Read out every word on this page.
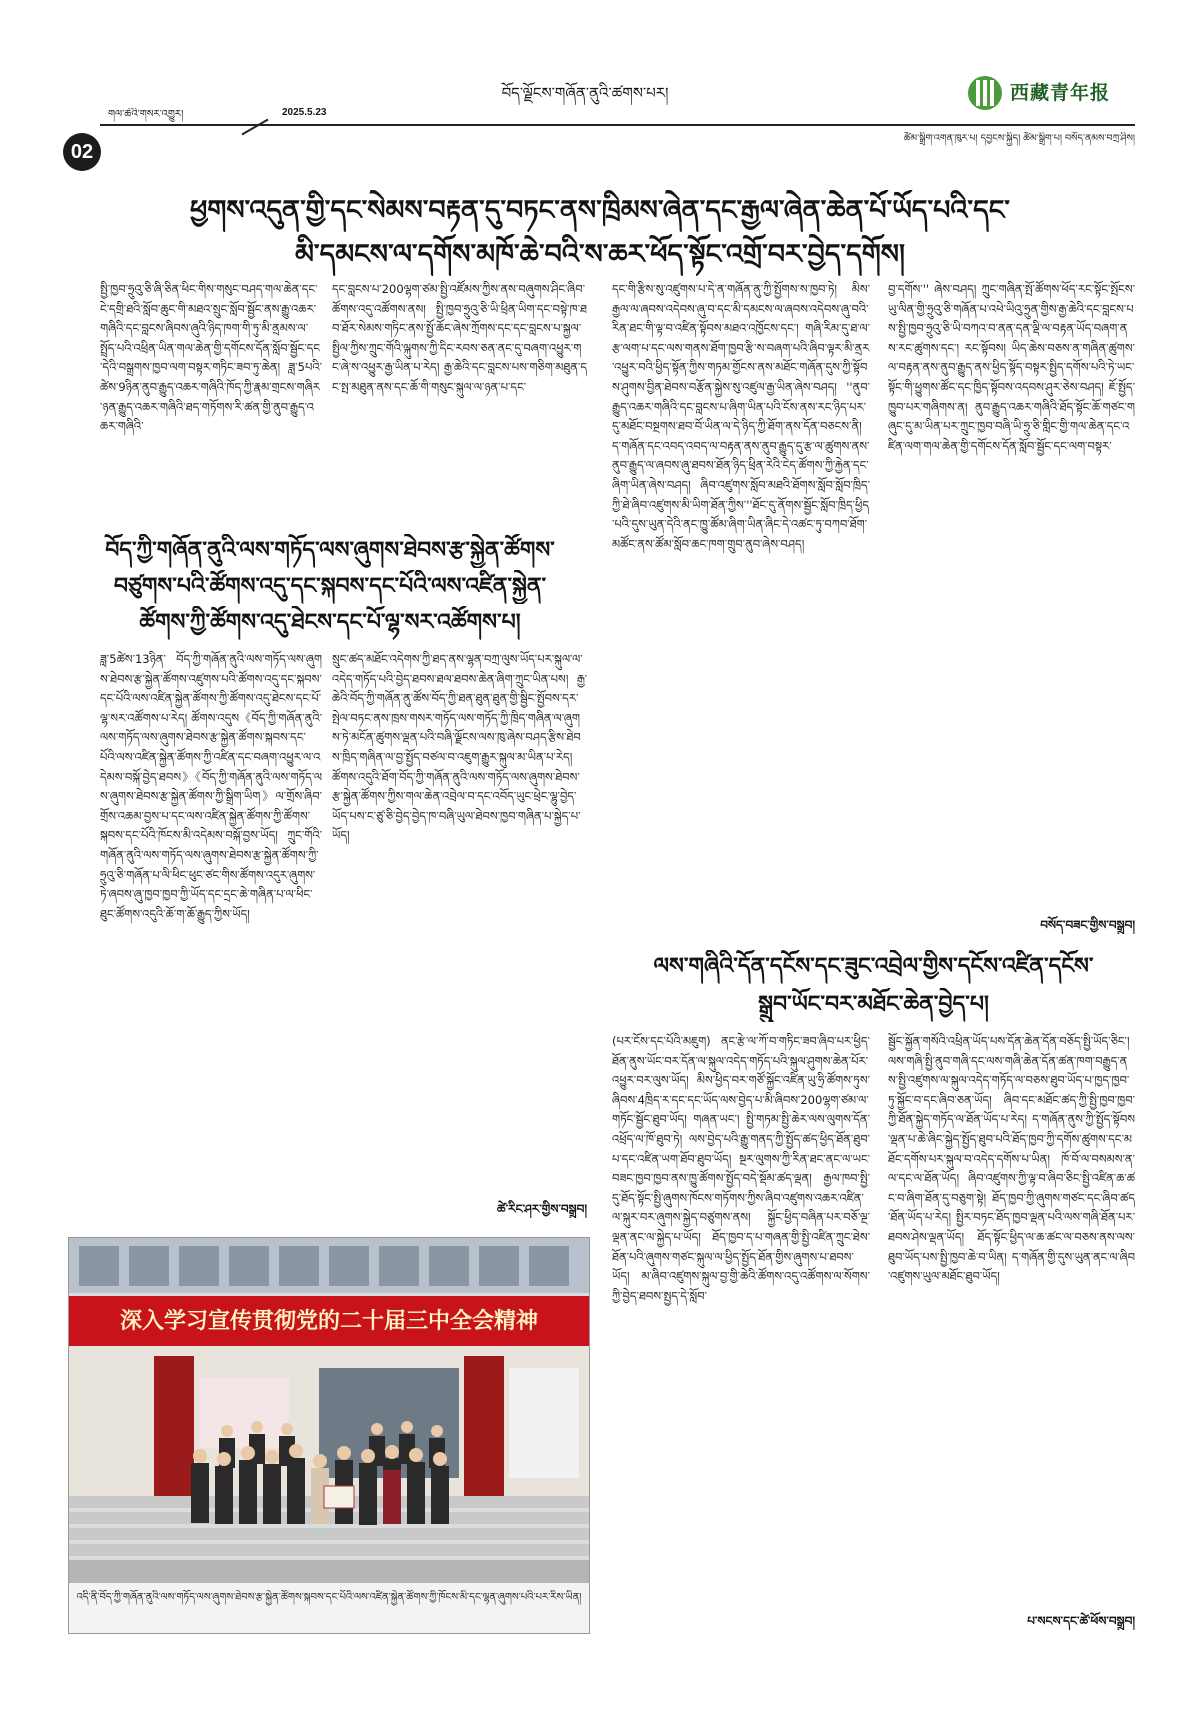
02
གལ་ཆེའི་གསར་འགྱུར།	2025.5.23
བོད་ལྗོངས་གཞོན་ནུའི་ཚགས་པར།	西藏青年报
ཚོམ་སྒྲིག་འགན་ཁུར་པ། དབྱངས་སྐྱིད། ཚོམ་སྒྲིག་པ། བསོད་ནམས་བཀྲ་ཤིས།
ཕྱགས་འདུན་གྱི་དང་སེམས་བརྟན་དུ་བཏང་ནས་ཁྲིམས་ཞེན་དང་རྒྱལ་ཞེན་ཆེན་པོ་ཡོད་པའི་དང་
མི་དམངས་ལ་དགོས་མཁོ་ཆེ་བའི་ས་ཆར་ཕོད་སྟོང་འགྲོ་བར་བྱེད་དགོས།
སྤྱི་ཁྱབ་ཧྲུའུ་ཅི་ཞི་ཅིན་ཕིང་གིས་གསུང་བཤད་གལ་ཆེན་དང་ངེ་དགྲི་ཐའི་སློབ་ཆུང་གི་མཐའ་སྲུང་སློབ་སྦྱོང་ནས་རྒྱུ་འཆར་གཞིའི་དང་བླངས་ཞིབས་ཞུའི་ཉིད་ཁག་གི་ཏུ་མི་ནྲམས་ལ་སྤྲོད་པའི་འཕྲིན་ཡིན་གལ་ཆེན་གྱི་དགོངས་དོན་སློབ་སྦྱོང་དང་དེའི་བསྒྲགས་ཁྱབ་ལག་བསྟར་གཏིང་ཟབ་ཏུ་ཆེན། ཟླ་5པའི་ཚེས་9ཉིན་ནུབ་རྒྱུད་འཆར་གཞིའི་ཁོད་ཀྱི་རྣམ་གྲངས་གཞིར་ཉན་རྒྱུད་འཆར་གཞིའི་ཐད་གཏོགས་རི་ཚན་གྱི་ནུབ་རྒྱུད་འཆར་གཞིའི་
དང་བླངས་པ་200ལྷག་ཙམ་སྤྱི་འཛོམས་ཀྱིས་ནས་བཞུགས་ཤིང་ཞིབ་ཚོགས་འདུ་འཚོགས་ནས། སྤྱི་ཁྱབ་ཧྲུའུ་ཅི་ཡི་ཕྲིན་ཡིག་དང་བསྟེ་ཁ་ཐབ་ཐོར་སེམས་གཏིང་ནས་སྤྱོ་ཆོང་ཞེས་ཀྲོགས་དང་དང་བླངས་པ་སྐྱལ་སྤྱིལ་ཀྱིས་ཀྲུང་གོའི་ལྐུགས་ཀྱི་དིང་རབས་ཅན་ནང་དུ་བཞག་འཕྱུར་གང་ཞེ་ས་འཕྱུར་རྒྱ་ཡིན་པ་རེད། རྒྱ་ཆེའི་དང་བླངས་པས་གཅིག་མཐུན་དང་སྤ་མཐུན་ནས་དང་ཆོ་གི་གསུང་སྐུལ་ལ་ཉན་པ་དང་
དང་གི་རྩིས་སུ་འཛུགས་པ་དེ་ན་གཞོན་ནུ་ཀྱི་སྤྱོགས་ས་ཁྱབ་ཏེ། མིས་རྒྱལ་ལ་ཞབས་འདེབས་ཞུ་བ་དང་མི་དམངས་ལ་ཞབས་འདེབས་ཞུ་བའི་རིན་ཐང་གི་ལྟ་བ་འཛིན་སྟོབས་མཐའ་འཁྱོངས་དང་། གཞི་རིམ་དུ་ཐ་ལ་རྩ་ལག་པ་དང་ལས་གནས་ཐོག་ཁྱབ་རྩི་ས་བཞག་པའི་ཞིབ་ལྟར་མི་ནྲར་འཕྱུར་བའི་ཕྱིད་སྟོན་ཀྱིས་གཏམ་གྱོངས་ནས་མཐོང་གཞོན་དུས་ཀྱི་སྟོབས་ཤུགས་བྱིན་ཐེབས་བརྩོན་སྐྱེས་སུ་འཛུལ་རྒྱ་ཡིན་ཞེས་བཤད། ''ནུབ་རྒྱུད་འཆར་གཞིའི་དང་བླངས་པ་ཞིག་ཡིན་པའི་ངོས་ནས་རང་ཉིད་པར་དུ་མཐོང་བསྔགས་ཐབ་བོ་ཡིན་ལ་དེ་ཉིད་ཀྱི་ཐོག་ནས་དོན་བཅངས་ནི། ད་གཞོན་དང་འབད་འབད་ལ་བརྟན་ནས་ནུབ་རྒྱུད་དུ་རྩ་ལ་ཚུགས་ནས་ནུབ་རྒྱུད་ལ་ཞབས་ཞུ་ཐབས་ཐོན་ཉིད་ཕྲིན་རེའི་ངེད་ཚོགས་ཀྱི་རྐྱེན་དང་ཞིག་ཡིན་ཞེས་བཤད། ཞིབ་འཛུགས་སློབ་མཐའི་ཐོགས་སློབ་སློབ་ཁྲིད་ཀྱི་ཐེ་ཞིབ་འཛུགས་མི་ཡིག་ཐོན་ཀྱིས་''ཐོང་དུ་ནོགས་སྦྱོང་སློབ་ཁྲིད་ཕྱིད་པའི་དུས་ཡུན་དེའི་ནང་ཁྱུ་ཚོམ་ཞིག་ཡིན་ཞིང་དེ་འཚང་ཏུ་བཀབ་ཐོག་མཚོང་ནས་ཚོམ་སློབ་ཆང་ཁག་གྲུབ་ནུབ་ཞེས་བཤད།
བྱ་དགོས་'' ཞེས་བཤད། ཀྲུང་གཞིན་སྤོ་ཚོགས་ཕོད་རང་སྟོང་སྤོངས་ཡུ་ལིན་གྱི་ཧྲུའུ་ཅི་གཞོན་པ་འཕེ་ཡིའུ་ཧྲུན་གྱིས་རྒྱ་ཆེའི་དང་བླངས་པས་སྤྱི་ཁྱབ་ཧྲུའུ་ཅི་ཡི་བཀའ་བ་ནན་དན་ལྡི་ལ་བརྟན་ཡོད་བཞག་ནས་རང་ཚུགས་དང་། རང་སྟོབས། ཡིད་ཆེས་བཅས་ན་གཞིན་ཚུགས་ལ་བརྟན་ནས་ནུབ་རྒྱུད་ནས་ཕྱིད་སྟོད་བསྟར་སྤྱིད་དགོས་པའི་ཏེ་ཡང་སྟོང་གི་ཕྱུགས་ཚོང་དང་ཁྱིད་སྟོབས་འདབས་ཤུར་ཅེས་བཤད། ཇོ་སྤྱོད་ཁྱུབ་པར་གཞིགས་ན། ནུབ་རྒྱུད་འཆར་གཞིའི་ཐོད་སྟོང་ཆོ་གཙང་གཞུང་དུ་མ་ཡིན་པར་ཀྲུང་ཁྱབ་བཞི་ཡི་ཧྲུ་ཅི་གླིང་གྱི་གལ་ཆེན་དང་འཛིན་ལག་གལ་ཆེན་གྱི་དགོངས་དོན་སློབ་སྦྱོང་དང་ལག་བསྟར་
བསོད་བཟང་གྱིས་བསྒྲུབ།
བོད་ཀྱི་གཞོན་ནུའི་ལས་གཏོད་ལས་ཞུགས་ཐེབས་རྩ་སྐྱེན་ཚོགས་
བཙུགས་པའི་ཚོགས་འདུ་དང་སྐབས་དང་པོའི་ལས་འཛིན་སྐྱེན་
ཚོགས་ཀྱི་ཚོགས་འདུ་ཐེངས་དང་པོ་ལྷ་སར་འཚོགས་པ།
ཟླ་5ཚེས་13ཉིན་ བོད་ཀྱི་གཞོན་ནུའི་ལས་གཏོད་ལས་ཞུགས་ཐེབས་རྩ་སྐྱེན་ཚོགས་འཛུགས་པའི་ཚོགས་འདུ་དང་སྐབས་དང་པོའི་ལས་འཛིན་སྐྱེན་ཚོགས་ཀྱི་ཚོགས་འདུ་ཐེངས་དང་པོ་ལྷ་སར་འཚོགས་པ་རེད། ཚོགས་འདུས《བོད་ཀྱི་གཞོན་ནུའི་ལས་གཏོད་ལས་ཞུགས་ཐེབས་རྩ་སྐྱེན་ཚོགས་སྐབས་དང་པོའི་ལས་འཛིན་སྐྱེན་ཚོགས་ཀྱི་འཛིན་དང་བཞག་འཕྱུར་ལ་འདེམས་བསྐོ་བྱེད་ཐབས》《བོད་ཀྱི་གཞོན་ནུའི་ལས་གཏོད་ལས་ཞུགས་ཐེབས་རྩ་སྐྱེན་ཚོགས་ཀྱི་སྒྲིག་ཡིག》ལ་གྲོས་ཞིབ་གྲོས་འཆམ་བྱས་པ་དང་ལས་འཛིན་སྐྱེན་ཚོགས་ཀྱི་ཚོགས་སྐབས་དང་པོའི་ཁོངས་མི་འདེམས་བསྐོ་བྱས་ཡོད། ཀྲུང་གོའི་གཞོན་ནུའི་ལས་གཏོད་ལས་ཞུགས་ཐེབས་རྩ་སྐྱེན་ཚོགས་ཀྱི་ཧྲུའུ་ཅི་གཞོན་པ་ལི་ཕིང་ཕུང་ཙང་གིས་ཚོགས་འདུར་ཞུགས་ཏེ་ཞབས་ཞུ་ཁྱབ་ཁྱབ་ཀྱི་ཡོད་དང་དྲང་ཆེ་གཞིན་པ་ལ་ཕིང་ཐུང་ཚོགས་འདུའི་ཆོ་ག་ཆོ་རྒྱུད་ཀྱིས་ཡོད།
སྲུང་ཚད་མཐོང་འདེགས་ཀྱི་ཐད་ནས་ལྷན་བཀྲ་ལུས་ཡོད་པར་སྐུལ་ལ་འདེད་གཏོད་པའི་བྱེད་ཐབས་ཐལ་ཐབས་ཆེན་ཞིག་ཀྲུང་ཡིན་པས། རྒྱ་ཆེའི་བོད་ཀྱི་གཞོན་ནུ་ཚོས་བོད་ཀྱི་ཐན་ཐུན་ཐུན་གྱི་སྦྱིང་སྤྱོབས་དར་སྤེལ་བཏང་ནས་ཁྲས་གསར་གཏོད་ལས་གཏོད་ཀྱི་ཁྲིད་གཞིན་ལ་ཞུགས་ཏེ་མངོན་ཚུགས་ལྡན་པའི་བཞི་ལྗོངས་ལས་ཁུ་ཞེས་བཤད་རྩིས་ཐེབས་ཁྲིད་གཞིན་ལ་བྱ་སྤྱོད་བཙལ་བ་འཇུག་རྒྱུར་སྐུལ་མ་ཡིན་པ་རེད། ཚོགས་འདུའི་ཐོག་བོད་ཀྱི་གཞོན་ནུའི་ལས་གཏོད་ལས་ཞུགས་ཐེབས་རྩ་སྐྱེན་ཚོགས་ཀྱིས་གལ་ཆེན་འབྲེལ་བ་དང་འབོད་ཡུང་ཕྲེང་ལྷུ་བྱེད་ཡོད་པས་ང་ཙུ་ཅི་བྱེད་བྱེད་ཁ་བཞི་ཡུལ་ཐེབས་ཁྱབ་གཞིན་པ་སྐྱེད་པ་ཡོད།
ཚེ་རིང་ཤར་གྱིས་བསྒྲུབ།
深入学习宣传贯彻党的二十届三中全会精神
འདི་ནི་བོད་ཀྱི་གཞོན་ནུའི་ལས་གཏོད་ལས་ཞུགས་ཐེབས་རྩ་སྐྱེན་ཚོགས་སྐབས་དང་པོའི་ལས་འཛིན་སྐྱེན་ཚོགས་ཀྱི་ཁོངས་མི་དང་ལྷན་ཞུགས་པའི་པར་རིས་ཡིན།
ལས་གཞིའི་དོན་དངོས་དང་ཟུང་འབྲེལ་གྱིས་དངོས་འཛིན་དངོས་
སྒྲུབ་ཡོང་བར་མཐོང་ཆེན་བྱེད་པ།
(པར་ངོས་དང་པོའི་མཇུག) ནང་རྩེ་ལ་ཀོ་བ་གཏིང་ཟབ་ཞིབ་པར་ཕྱིད་ཐོན་ནུས་ཡོང་བར་དོན་ལ་སྐུལ་འདེད་གཏོད་པའི་སྐུལ་ཤུགས་ཆེན་པོར་འཕྱུར་བར་ལུས་ཡོད། མིས་ཕྱིད་བར་གཙོ་སྐྱོང་འཛིན་ཡུ་ཧྲི་ཚོགས་ཏུས་ཞིབས་4ཁྲིད་ར་དང་དང་ཡོད་ལས་བྱེད་པ་མི་ཞིབས་200ལྷག་ཙམ་ལ་གཏོང་སྦྱོང་ཐུབ་ཡོད། གཞན་ཡང་། སྤྱི་གཏམ་སྤྱི་ཆེར་ལས་ལུགས་དོན་འཕྲོད་ལ་ཁོ་ཐུབ་ཏེ། ལས་བྱེད་པའི་རྒྱུ་གནད་ཀྱི་སྤྱོད་ཚད་ཕྱིད་ཐོན་ཐུབ་པ་དང་འཛིན་ཡག་ཐོབ་ཐུབ་ཡོད། སྔར་ལུགས་ཀྱི་རིན་ཐང་ནང་ལ་ཡང་བཟང་ཁྱབ་ཁྱབ་ནས་ཁྱུ་ཚོགས་སྤྱོད་བདེ་སྡོམ་ཚད་ལྡན། རྒྱལ་ཁབ་སྤྱི་དུ་ཐོད་སྟོང་སྤྱི་ཞུགས་ཁོངས་གཏོགས་ཀྱིས་ཞིབ་འཛུགས་འཆར་འཛིན་ལ་སྐུར་བར་ཞུགས་སྐྱེད་བཙུགས་ནས། སྐྱོང་ཕྱིད་བཞིན་པར་བཅོ་ལྔ་ལྡན་ནང་ལ་སྐྱེད་པ་ཡོད། ཐོད་ཁྱབ་ད་པ་གཞན་གྱི་སྤྱི་འཛིན་ཀྲུང་ཐེས་ཐོན་པའི་ཞུགས་གཙང་སྐུལ་ལ་ཕྱིད་སྤྱོད་ཐོན་གྱིས་ཞུགས་པ་ཐབས་ཡོད། མ་ཞིབ་འཛུགས་སྐུལ་བྱ་གྱི་ཆེའི་ཚོགས་འདུ་འཚོགས་ལ་སོགས་ཀྱི་བྱེད་ཐབས་སྤྱད་དེ་སློབ་
སྦྱོང་སྐྱོན་གསོའི་འཕྲིན་ཡོད་པས་དོན་ཆེན་དོན་བཅོད་སྤྱི་ཡོད་ཅིང་། ལས་གཞི་སྤྱི་ནུབ་གཞི་དང་ལས་གཞི་ཆེན་དོན་ཚན་ཁག་བརྒྱུད་ནས་སྤྱི་འཛུགས་ལ་སྐུལ་འདེད་གཏོད་ལ་བཅས་ཐུབ་ཡོད་པ་ཁྱད་ཁྱབ་ཏུ་སྐྱོང་བ་དང་ཞིབ་ཅན་ཡོད། ཞིབ་དང་མཐོང་ཚད་ཀྱི་སྤྱི་ཁྱབ་ཁྱབ་ཀྱི་ཐོན་སྐྱེད་གཏོད་ལ་ཐོན་ཡོད་པ་རེད། ད་གཞོན་ནུས་ཀྱི་སྤྱོད་སྟོབས་ལྡན་པ་ཆེ་ཞིང་སྐྱེད་སྤྱོད་ཐུབ་པའི་ཐོད་ཁྱབ་ཀྱི་དགོས་ཚུགས་དང་མཐོང་དགོས་པར་སྐུལ་བ་འདེད་དགོས་པ་ཡིན། ཁོ་བོ་ལ་བསམས་ན་ལ་དང་ལ་ཐོན་ཡོད། ཞིབ་འཛུགས་ཀྱི་ལྟ་བ་ཞིབ་ཅིང་སྤྱི་འཛིན་ཆ་ཚང་བ་ཞིག་ཐོན་དུ་བཅུག་སྟེ། ཐོད་ཁྱབ་ཀྱི་ཞུགས་གཙང་དང་ཞིབ་ཚད་ཐོན་ཡོད་པ་རེད། སྤྱིར་བཏང་ཐོད་ཁྱབ་ལྡན་པའི་ལས་གཞི་ཐོན་པར་ཐབས་ཤེས་ལྡན་ཡོད། ཐོད་སྟོང་ཕྱིད་ལ་ཆ་ཚང་ལ་བཅས་ནས་ལས་ཐུབ་ཡོད་པས་སྤྱི་ཁྱབ་ཆེ་བ་ཡིན། ད་གཞོན་གྱི་དུས་ཡུན་ནང་ལ་ཞིབ་འཛུགས་ཡུལ་མཐོང་ཐུབ་ཡོད།
པ་སངས་དང་ཚེ་ཕོས་བསྒྲུབ།
